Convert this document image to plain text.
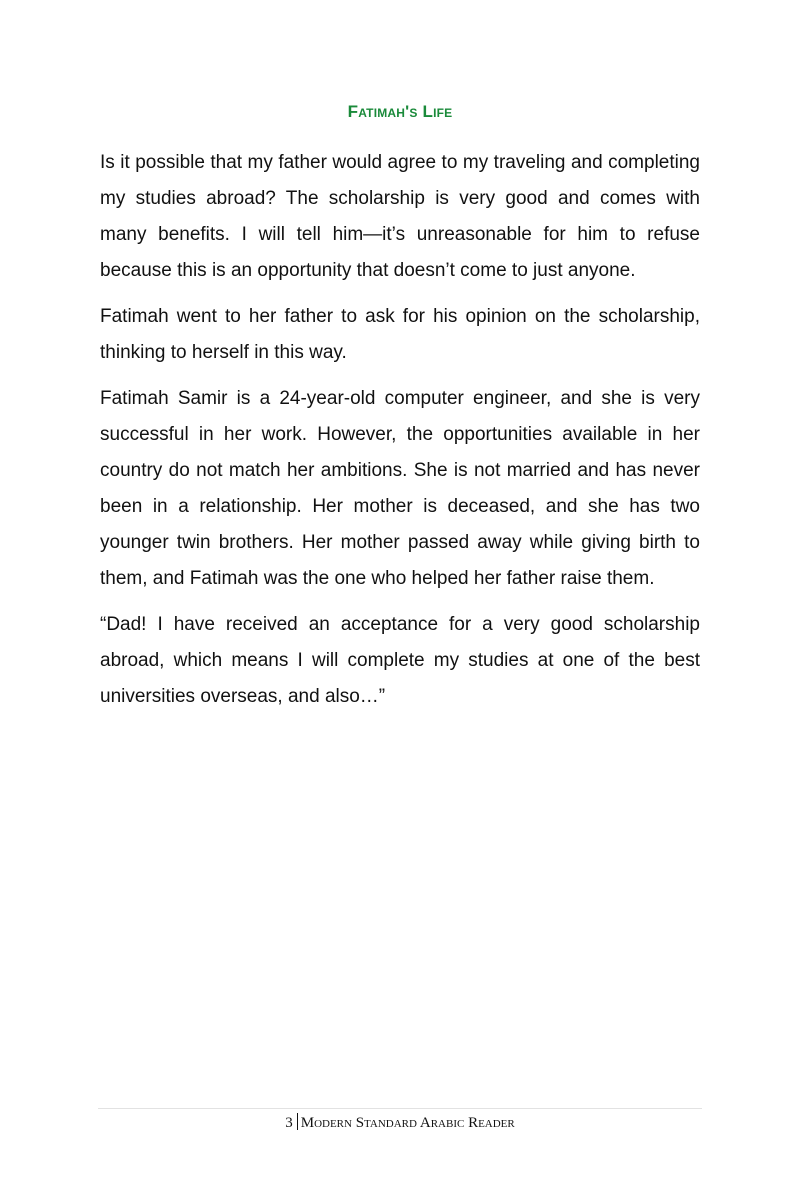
Fatimah's Life

Is it possible that my father would agree to my traveling and completing my studies abroad? The scholarship is very good and comes with many benefits. I will tell him—it’s unreasonable for him to refuse because this is an opportunity that doesn’t come to just anyone.

Fatimah went to her father to ask for his opinion on the scholarship, thinking to herself in this way.

Fatimah Samir is a 24-year-old computer engineer, and she is very successful in her work. However, the opportunities available in her country do not match her ambitions. She is not married and has never been in a relationship. Her mother is deceased, and she has two younger twin brothers. Her mother passed away while giving birth to them, and Fatimah was the one who helped her father raise them.

“Dad! I have received an acceptance for a very good scholarship abroad, which means I will complete my studies at one of the best universities overseas, and also…”

3 Modern Standard Arabic Reader
